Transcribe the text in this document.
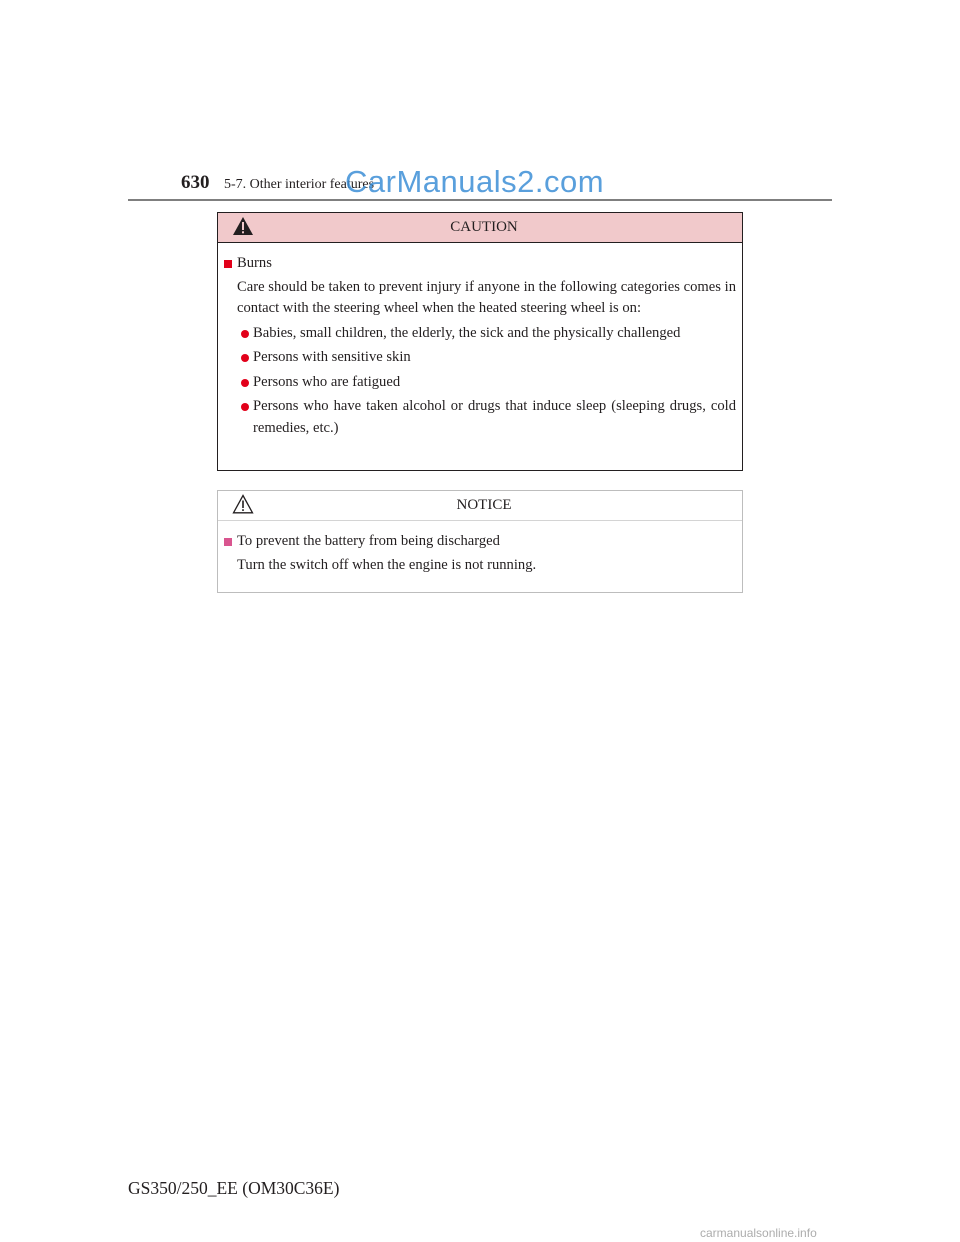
630 5-7. Other interior features
CarManuals2.com
CAUTION
Burns
Care should be taken to prevent injury if anyone in the following categories comes in contact with the steering wheel when the heated steering wheel is on:
Babies, small children, the elderly, the sick and the physically challenged
Persons with sensitive skin
Persons who are fatigued
Persons who have taken alcohol or drugs that induce sleep (sleeping drugs, cold remedies, etc.)
NOTICE
To prevent the battery from being discharged
Turn the switch off when the engine is not running.
GS350/250_EE (OM30C36E)
carmanualsonline.info
